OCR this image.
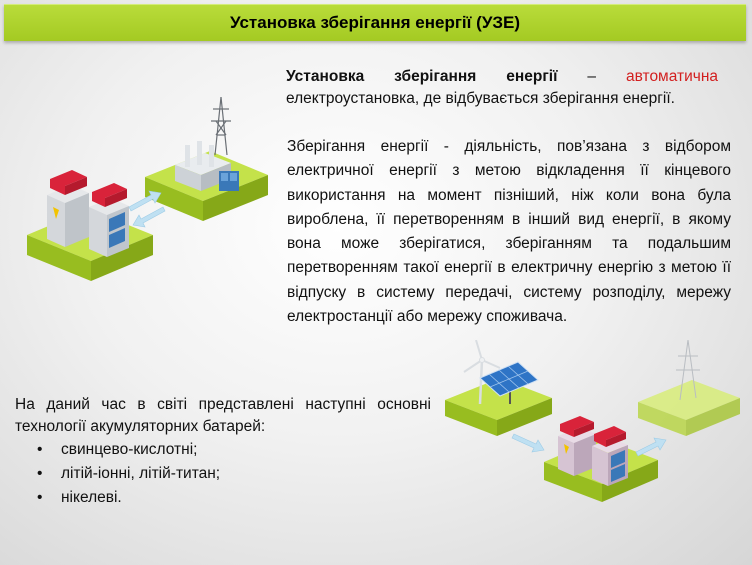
Установка зберігання енергії (УЗЕ)
Установка зберігання енергії – автоматична електроустановка, де відбувається зберігання енергії.
Зберігання енергії - діяльність, пов’язана з відбором електричної енергії з метою відкладення її кінцевого використання на момент пізніший, ніж коли вона була вироблена, її перетворенням в інший вид енергії, в якому вона може зберігатися, зберіганням та подальшим перетворенням такої енергії в електричну енергію з метою її відпуску в систему передачі, систему розподілу, мережу електростанції або мережу споживача.
На даний час в світі представлені наступні основні технології акумуляторних батарей:
• свинцево-кислотні;
• літій-іонні, літій-титан;
• нікелеві.
